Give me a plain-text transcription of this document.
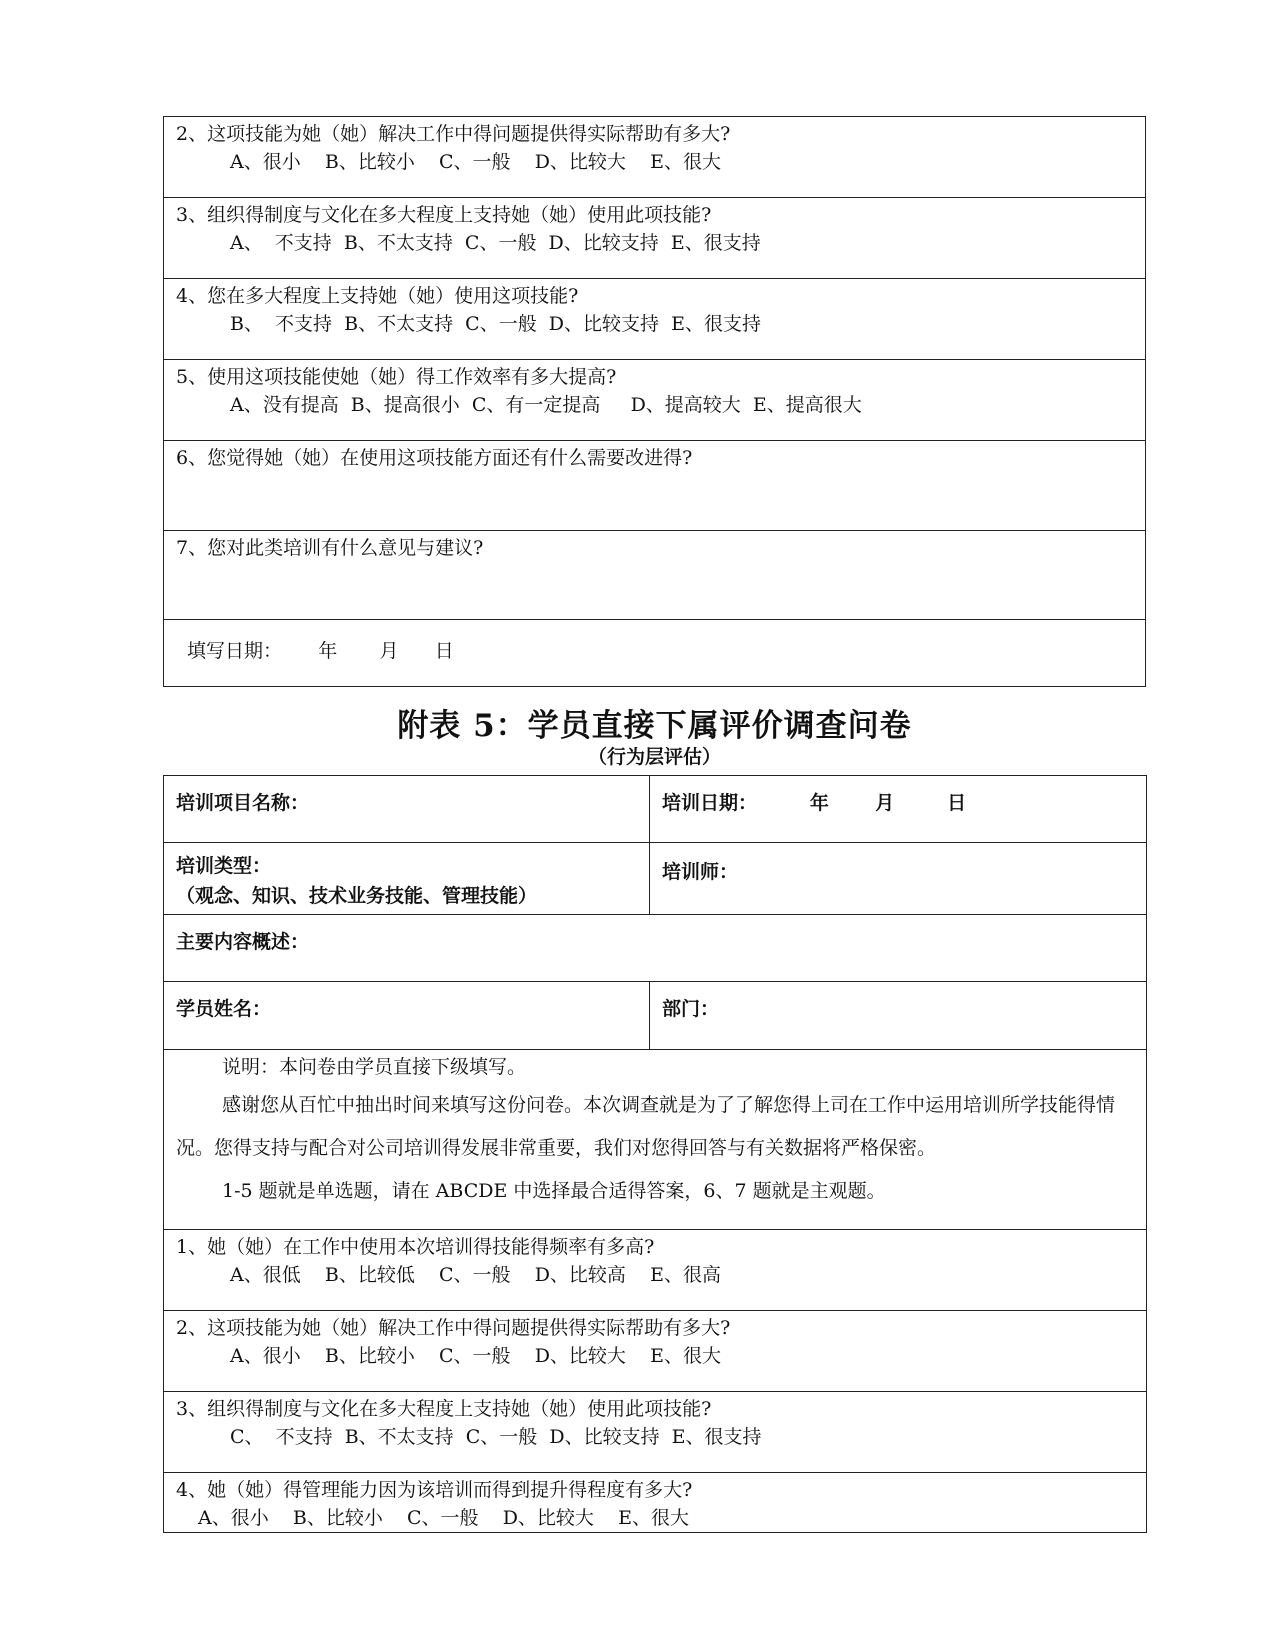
2、这项技能为她（她）解决工作中得问题提供得实际帮助有多大?
A、很小    B、比较小    C、一般    D、比较大    E、很大

3、组织得制度与文化在多大程度上支持她（她）使用此项技能?
A、  不支持  B、不太支持  C、一般  D、比较支持  E、很支持

4、您在多大程度上支持她（她）使用这项技能?
B、  不支持  B、不太支持  C、一般  D、比较支持  E、很支持

5、使用这项技能使她（她）得工作效率有多大提高?
A、没有提高  B、提高很小  C、有一定提高     D、提高较大  E、提高很大

6、您觉得她（她）在使用这项技能方面还有什么需要改进得?

7、您对此类培训有什么意见与建议?

填写日期：      年       月      日
附表 5：学员直接下属评价调查问卷
（行为层评估）
培训项目名称：	培训日期：        年       月        日

培训类型：
（观念、知识、技术业务技能、管理技能）	培训师：

主要内容概述：	

学员姓名：	部门：

说明：本问卷由学员直接下级填写。

感谢您从百忙中抽出时间来填写这份问卷。本次调查就是为了了解您得上司在工作中运用培训所学技能得情况。您得支持与配合对公司培训得发展非常重要，我们对您得回答与有关数据将严格保密。

1-5 题就是单选题，请在 ABCDE 中选择最合适得答案，6、7 题就是主观题。	

1、她（她）在工作中使用本次培训得技能得频率有多高?
A、很低    B、比较低    C、一般    D、比较高    E、很高	

2、这项技能为她（她）解决工作中得问题提供得实际帮助有多大?
A、很小    B、比较小    C、一般    D、比较大    E、很大	

3、组织得制度与文化在多大程度上支持她（她）使用此项技能?
C、  不支持  B、不太支持  C、一般  D、比较支持  E、很支持	

4、她（她）得管理能力因为该培训而得到提升得程度有多大?
A、很小    B、比较小    C、一般    D、比较大    E、很大	
